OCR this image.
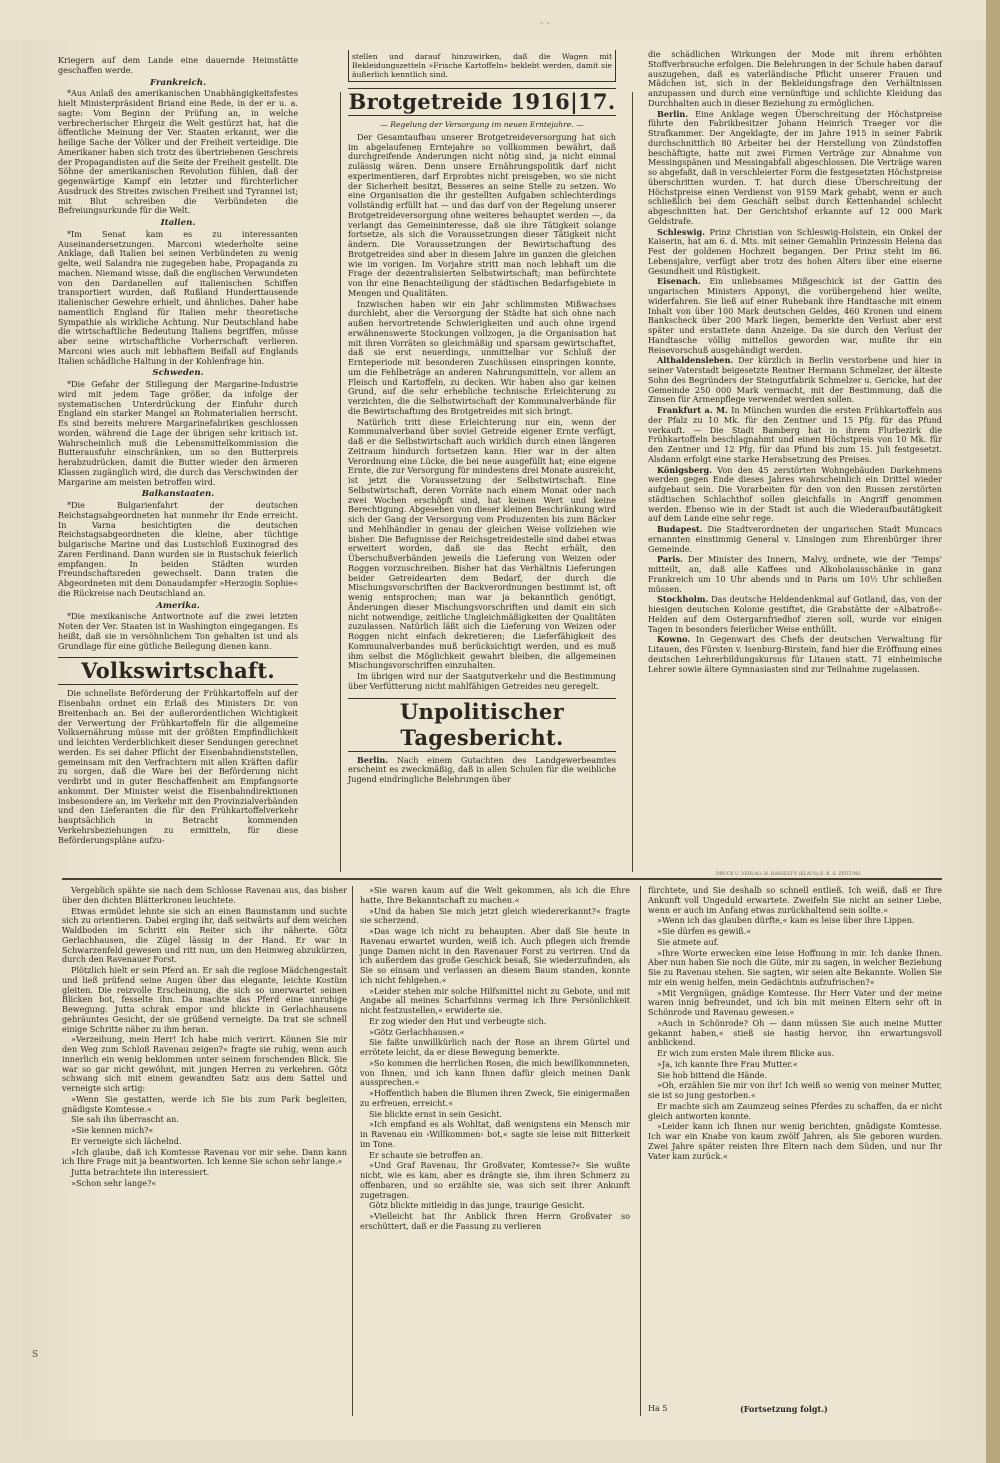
- -

Kriegern auf dem Lande eine dauernde Heimstätte geschaffen werde.

Frankreich.

*Aus Anlaß des amerikanischen Unabhängigkeitsfestes hielt Ministerpräsident Briand eine Rede, in der er u. a. sagte: Vom Beginn der Prüfung an, in welche verbrecherischer Ehrgeiz die Welt gestürzt hat, hat die öffentliche Meinung der Ver. Staaten erkannt, wer die heilige Sache der Völker und der Freiheit verteidige. Die Amerikaner haben sich trotz des übertriebenen Geschreis der Propagandisten auf die Seite der Freiheit gestellt. Die Söhne der amerikanischen Revolution fühlen, daß der gegenwärtige Kampf ein letzter und fürchterlicher Ausdruck des Streites zwischen Freiheit und Tyrannei ist; mit Blut schreiben die Verbündeten die Befreiungsurkunde für die Welt.

Italien.

*Im Senat kam es zu interessanten Auseinandersetzungen. Marconi wiederholte seine Anklage, daß Italien bei seinen Verbündeten zu wenig gelte, weil Salandra nie zugegeben habe, Propaganda zu machen. Niemand wisse, daß die englischen Verwundeten von den Dardanellen auf italienischen Schiffen transportiert wurden, daß Rußland Hunderttausende italienischer Gewehre erhielt, und ähnliches. Daher habe namentlich England für Italien mehr theoretische Sympathie als wirkliche Achtung. Nur Deutschland habe die wirtschaftliche Bedeutung Italiens begriffen, müsse aber seine wirtschaftliche Vorherrschaft verlieren. Marconi wies auch mit lebhaftem Beifall auf Englands Italien schädliche Haltung in der Kohlenfrage hin.

Schweden.

*Die Gefahr der Stillegung der Margarine-Industrie wird mit jedem Tage größer, da infolge der systematischen Unterdrückung der Einfuhr durch England ein starker Mangel an Rohmaterialien herrscht. Es sind bereits mehrere Margarinefabriken geschlossen worden, während die Lage der übrigen sehr kritisch ist. Wahrscheinlich muß die Lebensmittelkommission die Butterausfuhr einschränken, um so den Butterpreis herabzudrücken, damit die Butter wieder den ärmeren Klassen zugänglich wird, die durch das Verschwinden der Margarine am meisten betroffen wird.

Balkanstaaten.

*Die Bulgarienfahrt der deutschen Reichstagsabgeordneten hat nunmehr ihr Ende erreicht. In Varna besichtigten die deutschen Reichstagsabgeordneten die kleine, aber tüchtige bulgarische Marine und das Lustschloß Euxinograd des Zaren Ferdinand. Dann wurden sie in Rustschuk feierlich empfangen. In beiden Städten wurden Freundschaftsreden gewechselt. Dann traten die Abgeordneten mit dem Donaudampfer »Herzogin Sophie« die Rückreise nach Deutschland an.

Amerika.

*Die mexikanische Antwortnote auf die zwei letzten Noten der Ver. Staaten ist in Washington eingegangen. Es heißt, daß sie in versöhnlichem Ton gehalten ist und als Grundlage für eine gütliche Beilegung dienen kann.

Volkswirtschaft.

Die schnellste Beförderung der Frühkartoffeln auf der Eisenbahn ordnet ein Erlaß des Ministers Dr. von Breitenbach an. Bei der außerordentlichen Wichtigkeit der Verwertung der Frühkartoffeln für die allgemeine Volksernährung müsse mit der größten Empfindlichkeit und leichten Verderblichkeit dieser Sendungen gerechnet werden. Es sei daher Pflicht der Eisenbahndienststellen, gemeinsam mit den Verfrachtern mit allen Kräften dafür zu sorgen, daß die Ware bei der Beförderung nicht verdirbt und in guter Beschaffenheit am Empfangsorte ankommt. Der Minister weist die Eisenbahndirektionen insbesondere an, im Verkehr mit den Provinzialverbänden und den Lieferanten die für den Frühkartoffelverkehr hauptsächlich in Betracht kommenden Verkehrsbeziehungen zu ermitteln, für diese Beförderungspläne aufzu-

stellen und darauf hinzuwirken, daß die Wagen mit Bekleidungszetteln »Frische Kartoffeln« beklebt werden, damit sie äußerlich kenntlich sind.
Brotgetreide 1916|17.
— Regelung der Versorgung im neuen Erntejahre. —

Der Gesamtaufbau unserer Brotgetreideversorgung hat sich im abgelaufenen Erntejahre so vollkommen bewährt, daß durchgreifende Änderungen nicht nötig sind, ja nicht einmal zulässig wären. Denn unsere Ernährungspolitik darf nicht experimentieren, darf Erprobtes nicht preisgeben, wo sie nicht der Sicherheit besitzt, Besseres an seine Stelle zu setzen. Wo eine Organisation die ihr gestellten Aufgaben schlechterdings vollständig erfüllt hat — und das darf von der Regelung unserer Brotgetreideversorgung ohne weiteres behauptet werden —, da verlangt das Gemeininteresse, daß sie ihre Tätigkeit solange fortsetze, als sich die Voraussetzungen dieser Tätigkeit nicht ändern. Die Voraussetzungen der Bewirtschaftung des Brotgetreides sind aber in diesem Jahre im ganzen die gleichen wie im vorigen. Im Vorjahre stritt man noch lebhaft um die Frage der dezentralisierten Selbstwirtschaft; man befürchtete von ihr eine Benachteiligung der städtischen Bedarfsgebiete in Mengen und Qualitäten.

Inzwischen haben wir ein Jahr schlimmsten Mißwachses durchlebt, aber die Versorgung der Städte hat sich ohne nach außen hervortretende Schwierigkeiten und auch ohne irgend erwähnenswerte Stockungen vollzogen, ja die Organisation hat mit ihren Vorräten so gleichmäßig und sparsam gewirtschaftet, daß sie erst neuerdings, unmittelbar vor Schluß der Ernteperiode mit besonderen Zuschüssen einspringen konnte, um die Fehlbeträge an anderen Nahrungsmitteln, vor allem an Fleisch und Kartoffeln, zu decken. Wir haben also gar keinen Grund, auf die sehr erhebliche technische Erleichterung zu verzichten, die die Selbstwirtschaft der Kommunalverbände für die Bewirtschaftung des Brotgetreides mit sich bringt.

Natürlich tritt diese Erleichterung nur ein, wenn der Kommunalverband über soviel Getreide eigener Ernte verfügt, daß er die Selbstwirtschaft auch wirklich durch einen längeren Zeitraum hindurch fortsetzen kann. Hier war in der alten Verordnung eine Lücke, die bei neue ausgefüllt hat; eine eigene Ernte, die zur Versorgung für mindestens drei Monate ausreicht, ist jetzt die Voraussetzung der Selbstwirtschaft. Eine Selbstwirtschaft, deren Vorräte nach einem Monat oder nach zwei Wochen erschöpft sind, hat keinen Wert und keine Berechtigung. Abgesehen von dieser kleinen Beschränkung wird sich der Gang der Versorgung vom Produzenten bis zum Bäcker und Mehlhändler in genau der gleichen Weise vollziehen wie bisher. Die Befugnisse der Reichsgetreidestelle sind dabei etwas erweitert worden, daß sie das Recht erhält, den Überschußverbänden jeweils die Lieferung von Weizen oder Roggen vorzuschreiben. Bisher hat das Verhältnis Lieferungen beider Getreidearten dem Bedarf, der durch die Mischungsvorschriften der Backverordnungen bestimmt ist, oft wenig entsprochen; man war ja bekanntlich genötigt, Änderungen dieser Mischungsvorschriften und damit ein sich nicht notwendige, zeitliche Ungleichmäßigkeiten der Qualitäten zuzulassen. Natürlich läßt sich die Lieferung von Weizen oder Roggen nicht einfach dekretieren; die Lieferfähigkeit des Kommunalverbandes muß berücksichtigt werden, und es muß ihm selbst die Möglichkeit gewahrt bleiben, die allgemeinen Mischungsvorschriften einzuhalten.

Im übrigen wird nur der Saatgutverkehr und die Bestimmung über Verfütterung nicht mahlfähigen Getreides neu geregelt.

Unpolitischer Tagesbericht.

Berlin. Nach einem Gutachten des Landgewerbeamtes erscheint es zweckmäßig, daß in allen Schulen für die weibliche Jugend eindringliche Belehrungen über

die schädlichen Wirkungen der Mode mit ihrem erhöhten Stoffverbrauche erfolgen. Die Belehrungen in der Schule haben darauf auszugehen, daß es vaterländische Pflicht unserer Frauen und Mädchen ist, sich in der Bekleidungsfrage den Verhältnissen anzupassen und durch eine vernünftige und schlichte Kleidung das Durchhalten auch in dieser Beziehung zu ermöglichen.

Berlin. Eine Anklage wegen Überschreitung der Höchstpreise führte den Fabrikbesitzer Johann Heinrich Traeger vor die Strafkammer. Der Angeklagte, der im Jahre 1915 in seiner Fabrik durchschnittlich 80 Arbeiter bei der Herstellung von Zündstoffen beschäftigte, hatte mit zwei Firmen Verträge zur Abnahme von Messingspänen und Messingabfall abgeschlossen. Die Verträge waren so abgefaßt, daß in verschleierter Form die festgesetzten Höchstpreise überschritten wurden. T. hat durch diese Überschreitung der Höchstpreise einen Verdienst von 9159 Mark gehabt, wenn er auch schließlich bei dem Geschäft selbst durch Kettenhandel schlecht abgeschnitten hat. Der Gerichtshof erkannte auf 12 000 Mark Geldstrafe.

Schleswig. Prinz Christian von Schleswig-Holstein, ein Onkel der Kaiserin, hat am 6. d. Mts. mit seiner Gemahlin Prinzessin Helena das Fest der goldenen Hochzeit begangen. Der Prinz steht im 86. Lebensjahre, verfügt aber trotz des hohen Alters über eine eiserne Gesundheit und Rüstigkeit.

Eisenach. Ein unliebsames Mißgeschick ist der Gattin des ungarischen Ministers Apponyi, die vorübergehend hier weilte, widerfahren. Sie ließ auf einer Ruhebank ihre Handtasche mit einem Inhalt von über 100 Mark deutschen Geldes, 460 Kronen und einem Bankscheck über 200 Mark liegen, bemerkte den Verlust aber erst später und erstattete dann Anzeige. Da sie durch den Verlust der Handtasche völlig mittellos geworden war, mußte ihr ein Reisevorschuß ausgehändigt werden.

Althaldensleben. Der kürzlich in Berlin verstorbene und hier in seiner Vaterstadt beigesetzte Rentner Hermann Schmelzer, der älteste Sohn des Begründers der Steingutfabrik Schmelzer u. Gericke, hat der Gemeinde 250 000 Mark vermacht, mit der Bestimmung, daß die Zinsen für Armenpflege verwendet werden sollen.

Frankfurt a. M. In München wurden die ersten Frühkartoffeln aus der Pfalz zu 10 Mk. für den Zentner und 15 Pfg. für das Pfund verkauft. — Die Stadt Bamberg hat in ihrem Flurbezirk die Frühkartoffeln beschlagnahmt und einen Höchstpreis von 10 Mk. für den Zentner und 12 Pfg. für das Pfund bis zum 15. Juli festgesetzt. Alsdann erfolgt eine starke Herabsetzung des Preises.

Königsberg. Von den 45 zerstörten Wohngebäuden Darkehmens werden gegen Ende dieses Jahres wahrscheinlich ein Drittel wieder aufgebaut sein. Die Vorarbeiten für den von den Russen zerstörten städtischen Schlachthof sollen gleichfalls in Angriff genommen werden. Ebenso wie in der Stadt ist auch die Wiederaufbautätigkeit auf dem Lande eine sehr rege.

Budapest. Die Stadtverordneten der ungarischen Stadt Muncacs ernannten einstimmig General v. Linsingen zum Ehrenbürger ihrer Gemeinde.

Paris. Der Minister des Innern, Malvy, ordnete, wie der 'Temps' mitteilt, an, daß alle Kaffees und Alkoholausschänke in ganz Frankreich um 10 Uhr abends und in Paris um 10½ Uhr schließen müssen.

Stockholm. Das deutsche Heldendenkmal auf Gotland, das, von der hiesigen deutschen Kolonie gestiftet, die Grabstätte der »Albatroß«-Helden auf dem Ostergarnfriedhof zieren soll, wurde vor einigen Tagen in besonders feierlicher Weise enthüllt.

Kowno. In Gegenwart des Chefs der deutschen Verwaltung für Litauen, des Fürsten v. Isenburg-Birstein, fand hier die Eröffnung eines deutschen Lehrerbildungskursus für Litauen statt. 71 einheimische Lehrer sowie ältere Gymnasiasten sind zur Teilnahme zugelassen.

DRUCK U. VERLAG: H. HASSELT'S (KLAUS) E. K. S. ZEITUNG

Vergeblich spähte sie nach dem Schlosse Ravenau aus, das bisher über den dichten Blätterkronen leuchtete.

Etwas ermüdet lehnte sie sich an einen Baumstamm und suchte sich zu orientieren. Dabei erging ihr, daß seitwärts auf dem weichen Waldboden im Schritt ein Reiter sich ihr näherte. Götz Gerlachhausen, die Zügel lässig in der Hand. Er war in Schwarzenfeld gewesen und ritt nun, um den Heimweg abzukürzen, durch den Ravenauer Forst.

Plötzlich hielt er sein Pferd an. Er sah die reglose Mädchengestalt und ließ prüfend seine Augen über das elegante, leichte Kostüm gleiten. Die reizvolle Erscheinung, die sich so unerwartet seinen Blicken bot, fesselte ihn. Da machte das Pferd eine unruhige Bewegung. Jutta schrak empor und blickte in Gerlachhausens gebräuntes Gesicht, der sie grüßend verneigte. Da trat sie schnell einige Schritte näher zu ihm heran.

»Verzeihung, mein Herr! Ich habe mich verirrt. Können Sie mir den Weg zum Schloß Ravenau zeigen?« fragte sie ruhig, wenn auch innerlich ein wenig beklommen unter seinem forschenden Blick. Sie war so gar nicht gewöhnt, mit jungen Herren zu verkehren. Götz schwang sich mit einem gewandten Satz aus dem Sattel und verneigte sich artig:

»Wenn Sie gestatten, werde ich Sie bis zum Park begleiten, gnädigste Komtesse.«

Sie sah ihn überrascht an.

»Sie kennen mich?«

Er verneigte sich lächelnd.

»Ich glaube, daß ich Komtesse Ravenau vor mir sehe. Dann kann ich Ihre Frage mit ja beantworten. Ich kenne Sie schon sehr lange.«

Jutta betrachtete ihn interessiert.

»Schon sehr lange?«

»Sie waren kaum auf die Welt gekommen, als ich die Ehre hatte, Ihre Bekanntschaft zu machen.«

»Und da haben Sie mich jetzt gleich wiedererkannt?« fragte sie scherzend.

»Das wage ich nicht zu behaupten. Aber daß Sie heute in Ravenau erwartet wurden, weiß ich. Auch pflegen sich fremde junge Damen nicht in den Ravenauer Forst zu verirren. Und da ich außerdem das große Geschick besaß, Sie wiederzufinden, als Sie so einsam und verlassen an diesem Baum standen, konnte ich nicht fehlgehen.«

»Leider stehen mir solche Hilfsmittel nicht zu Gebote, und mit Angabe all meines Scharfsinns vermag ich Ihre Persönlichkeit nicht festzustellen,« erwiderte sie.

Er zog wieder den Hut und verbeugte sich.

»Götz Gerlachhausen.«

Sie faßte unwillkürlich nach der Rose an ihrem Gürtel und errötete leicht, da er diese Bewegung bemerkte.

»So kommen die herrlichen Rosen, die mich bewillkommneten, von Ihnen, und ich kann Ihnen dafür gleich meinen Dank aussprechen.«

»Hoffentlich haben die Blumen ihren Zweck, Sie einigermaßen zu erfreuen, erreicht.«

Sie blickte ernst in sein Gesicht.

»Ich empfand es als Wohltat, daß wenigstens ein Mensch mir in Ravenau ein ›Willkommen‹ bot,« sagte sie leise mit Bitterkeit im Tone.

Er schaute sie betroffen an.

»Und Graf Ravenau, Ihr Großvater, Komtesse?« Sie wußte nicht, wie es kam, aber es drängte sie, ihm ihren Schmerz zu offenbaren, und so erzählte sie, was sich seit ihrer Ankunft zugetragen.

Götz blickte mitleidig in das junge, traurige Gesicht.

»Vielleicht hat Ihr Anblick Ihren Herrn Großvater so erschüttert, daß er die Fassung zu verlieren

fürchtete, und Sie deshalb so schnell entließ. Ich weiß, daß er Ihre Ankunft voll Ungeduld erwartete. Zweifeln Sie nicht an seiner Liebe, wenn er auch im Anfang etwas zurückhaltend sein sollte.«

»Wenn ich das glauben dürfte,« kam es leise über ihre Lippen.

»Sie dürfen es gewiß.«

Sie atmete auf.

»Ihre Worte erwecken eine leise Hoffnung in mir. Ich danke Ihnen. Aber nun haben Sie noch die Güte, mir zu sagen, in welcher Beziehung Sie zu Ravenau stehen. Sie sagten, wir seien alte Bekannte. Wollen Sie mir ein wenig helfen, mein Gedächtnis aufzufrischen?«

»Mit Vergnügen, gnädige Komtesse. Ihr Herr Vater und der meine waren innig befreundet, und ich bin mit meinen Eltern sehr oft in Schönrode und Ravenau gewesen.«

»Auch in Schönrode? Oh — dann müssen Sie auch meine Mutter gekannt haben,« stieß sie hastig hervor, ihn erwartungsvoll anblickend.

Er wich zum ersten Male ihrem Blicke aus.

»Ja, ich kannte Ihre Frau Mutter.«

Sie hob bittend die Hände.

»Oh, erzählen Sie mir von ihr! Ich weiß so wenig von meiner Mutter, sie ist so jung gestorben.«

Er machte sich am Zaumzeug seines Pferdes zu schaffen, da er nicht gleich antworten konnte.

»Leider kann ich Ihnen nur wenig berichten, gnädigste Komtesse. Ich war ein Knabe von kaum zwölf Jahren, als Sie geboren wurden. Zwei Jahre später reisten Ihre Eltern nach dem Süden, und nur Ihr Vater kam zurück.«

Ha 5	(Fortsetzung folgt.)
S
